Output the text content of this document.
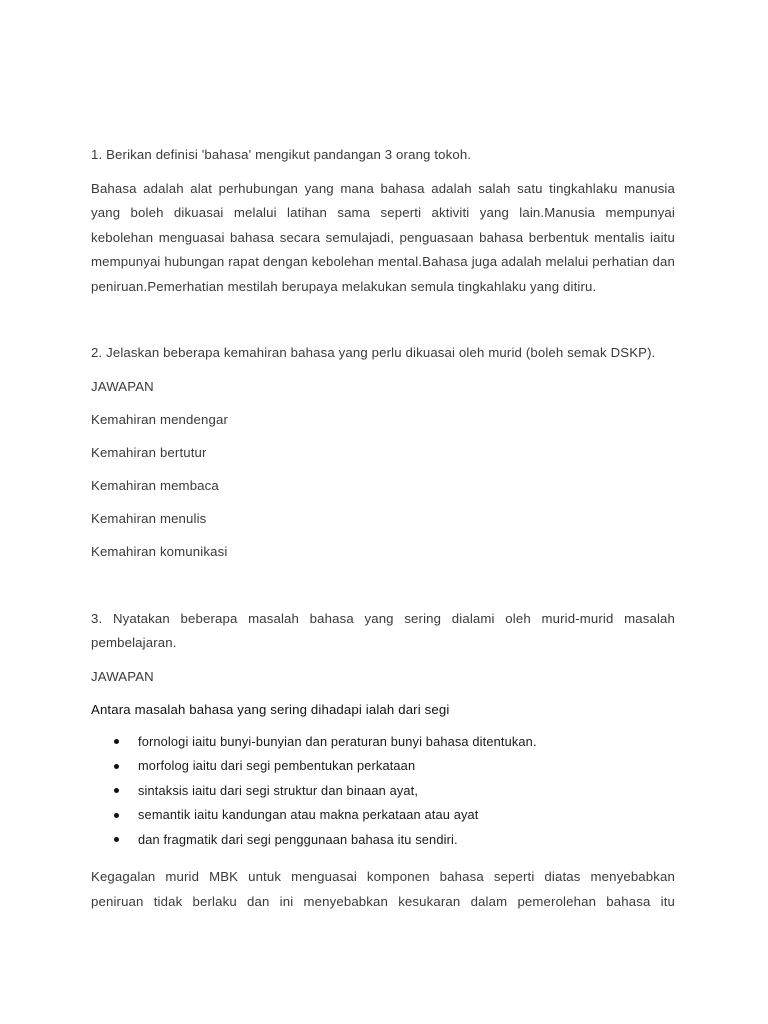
1. Berikan definisi 'bahasa' mengikut pandangan 3 orang tokoh.

Bahasa adalah alat perhubungan yang mana bahasa adalah salah satu tingkahlaku manusia yang boleh dikuasai melalui latihan sama seperti aktiviti yang lain.Manusia mempunyai kebolehan menguasai bahasa secara semulajadi, penguasaan bahasa berbentuk mentalis iaitu mempunyai hubungan rapat dengan kebolehan mental.Bahasa juga adalah melalui perhatian dan peniruan.Pemerhatian mestilah berupaya melakukan semula tingkahlaku yang ditiru.

2. Jelaskan beberapa kemahiran bahasa yang perlu dikuasai oleh murid (boleh semak DSKP).

JAWAPAN

Kemahiran mendengar
Kemahiran bertutur
Kemahiran membaca
Kemahiran menulis
Kemahiran komunikasi

3. Nyatakan beberapa masalah bahasa yang sering dialami oleh murid-murid masalah pembelajaran.

JAWAPAN

Antara masalah bahasa yang sering dihadapi ialah dari segi

fornologi iaitu bunyi-bunyian dan peraturan bunyi bahasa ditentukan.
morfolog iaitu dari segi pembentukan perkataan
sintaksis iaitu dari segi struktur dan binaan ayat,
semantik iaitu kandungan atau makna perkataan atau ayat
dan fragmatik dari segi penggunaan bahasa itu sendiri.

Kegagalan murid MBK untuk menguasai komponen bahasa seperti diatas menyebabkan

peniruan tidak berlaku dan ini menyebabkan kesukaran dalam pemerolehan bahasa itu
